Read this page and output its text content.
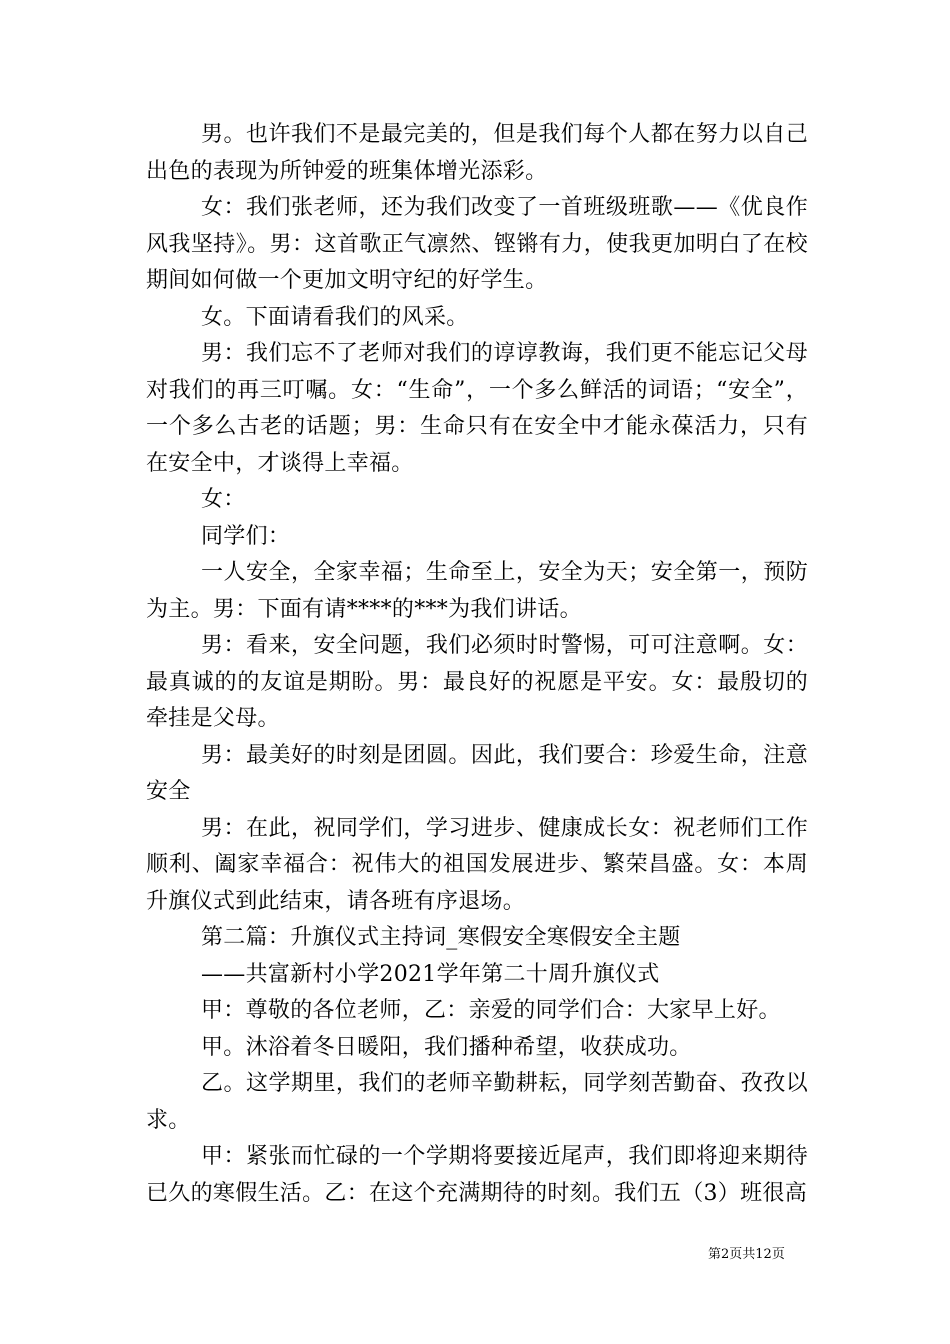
男。也许我们不是最完美的，但是我们每个人都在努力以自己出色的表现为所钟爱的班集体增光添彩。

女：我们张老师，还为我们改变了一首班级班歌——《优良作风我坚持》。男：这首歌正气凛然、铿锵有力，使我更加明白了在校期间如何做一个更加文明守纪的好学生。

女。下面请看我们的风采。

男：我们忘不了老师对我们的谆谆教诲，我们更不能忘记父母对我们的再三叮嘱。女：“生命”，一个多么鲜活的词语；“安全”，一个多么古老的话题；男：生命只有在安全中才能永葆活力，只有在安全中，才谈得上幸福。

女：

同学们：

一人安全，全家幸福；生命至上，安全为天；安全第一，预防为主。男：下面有请****的***为我们讲话。

男：看来，安全问题，我们必须时时警惕，可可注意啊。女：最真诚的的友谊是期盼。男：最良好的祝愿是平安。女：最殷切的牵挂是父母。

男：最美好的时刻是团圆。因此，我们要合：珍爱生命，注意安全

男：在此，祝同学们，学习进步、健康成长女：祝老师们工作顺利、阖家幸福合：祝伟大的祖国发展进步、繁荣昌盛。女：本周升旗仪式到此结束，请各班有序退场。

第二篇：升旗仪式主持词_寒假安全寒假安全主题

——共富新村小学2021学年第二十周升旗仪式

甲：尊敬的各位老师，乙：亲爱的同学们合：大家早上好。

甲。沐浴着冬日暖阳，我们播种希望，收获成功。

乙。这学期里，我们的老师辛勤耕耘，同学刻苦勤奋、孜孜以求。

甲：紧张而忙碌的一个学期将要接近尾声，我们即将迎来期待已久的寒假生活。乙：在这个充满期待的时刻。我们五（3）班很高

第2页共12页
